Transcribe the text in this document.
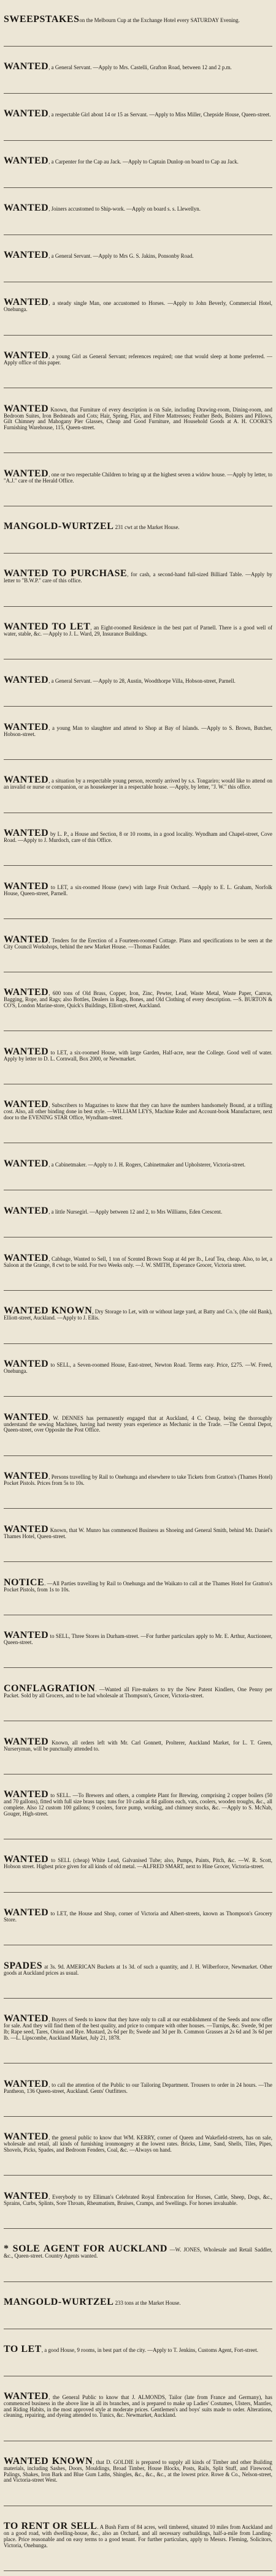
SWEEPSTAKESon the Melbourn Cup at the Exchange Hotel every SATURDAY Evening.
WANTED, a General Servant. —Apply to Mrs. Castelli, Grafton Road, between 12 and 2 p.m.
WANTED, a respectable Girl about 14 or 15 as Servant. —Apply to Miss Miller, Chepside House, Queen-street.
WANTED, a Carpenter for the Cap au Jack. —Apply to Captain Dunlop on board to Cap au Jack.
WANTED, Joiners accustomed to Ship-work. —Apply on board s. s. Llewellyn.
WANTED, a General Servant. —Apply to Mrs G. S. Jakins, Ponsonby Road.
WANTED, a steady single Man, one accustomed to Horses. —Apply to John Beverly, Commercial Hotel, Onehunga.
WANTED, a young Girl as General Servant; references required; one that would sleep at home preferred. —Apply office of this paper.
WANTED Known, that Furniture of every description is on Sale, including Drawing-room, Dining-room, and Bedroom Suites, Iron Bedsteads and Cots; Hair, Spring, Flax, and Fibre Mattresses; Feather Beds, Bolsters and Pillows, Gilt Chimney and Mahogany Pier Glasses, Cheap and Good Furniture, and Household Goods at A. H. COOKE'S Furnishing Warehouse, 115, Queen-street.
WANTED, one or two respectable Children to bring up at the highest seven a widow house. —Apply by letter, to "A.J." care of the Herald Office.
MANGOLD-WURTZEL 231 cwt at the Market House.
WANTED TO PURCHASE, for cash, a second-hand full-sized Billiard Table. —Apply by letter to "B.W.P." care of this office.
WANTED TO LET, an Eight-roomed Residence in the best part of Parnell. There is a good well of water, stable, &c. —Apply to J. L. Ward, 29, Insurance Buildings.
WANTED, a General Servant. —Apply to 28, Austin, Woodthorpe Villa, Hobson-street, Parnell.
WANTED, a young Man to slaughter and attend to Shop at Bay of Islands. —Apply to S. Brown, Butcher, Hobson-street.
WANTED, a situation by a respectable young person, recently arrived by s.s. Tongariro; would like to attend on an invalid or nurse or companion, or as housekeeper in a respectable house. —Apply, by letter, "J. W." this office.
WANTED by L. P., a House and Section, 8 or 10 rooms, in a good locality. Wyndham and Chapel-street, Cove Road. —Apply to J. Murdoch, care of this Office.
WANTED to LET, a six-roomed House (new) with large Fruit Orchard. —Apply to E. L. Graham, Norfolk House, Queen-street, Parnell.
WANTED, Tenders for the Erection of a Fourteen-roomed Cottage. Plans and specifications to be seen at the City Council Workshops, behind the new Market House. —Thomas Faulder.
WANTED, 600 tons of Old Brass, Copper, Iron, Zinc, Pewter, Lead, Waste Metal, Waste Paper, Canvas, Bagging, Rope, and Rags; also Bottles, Dealers in Rags, Bones, and Old Clothing of every description. —S. BURTON & CO'S, London Marine-store, Quick's Buildings, Elliott-street, Auckland.
WANTED to LET, a six-roomed House, with large Garden, Half-acre, near the College. Good well of water. Apply by letter to D. L. Cornwall, Box 2000, or Newmarket.
WANTED, Subscribers to Magazines to know that they can have the numbers handsomely Bound, at a trifling cost. Also, all other binding done in best style. —WILLIAM LEYS, Machine Ruler and Account-book Manufacturer, next door to the EVENING STAR Office, Wyndham-street.
WANTED, a Cabinetmaker. —Apply to J. H. Rogers, Cabinetmaker and Upholsterer, Victoria-street.
WANTED, a little Nursegirl. —Apply between 12 and 2, to Mrs Williams, Eden Crescent.
WANTED, Cabbage, Wanted to Sell, 1 ton of Scented Brown Soap at 4d per lb., Leaf Tea, cheap. Also, to let, a Saloon at the Grange, 8 cwt to be sold. For two Weeks only. —J. W. SMITH, Esperance Grocer, Victoria street.
WANTED KNOWN, Dry Storage to Let, with or without large yard, at Batty and Co.'s, (the old Bank), Elliott-street, Auckland. —Apply to J. Ellis.
WANTED to SELL, a Seven-roomed House, East-street, Newton Road. Terms easy. Price, £275. —W. Freed, Onehunga.
WANTED, W. DENNES has permanently engaged that at Auckland, 4 C. Cheap, being the thoroughly understand the sewing Machines, having had twenty years experience as Mechanic in the Trade. —The Central Depot, Queen-street, over Opposite the Post Office.
WANTED, Persons travelling by Rail to Onehunga and elsewhere to take Tickets from Gratton's (Thames Hotel) Pocket Pistols. Prices from 5s to 10s.
WANTED Known, that W. Munro has commenced Business as Shoeing and General Smith, behind Mr. Daniel's Thames Hotel, Queen-street.
NOTICE. —All Parties travelling by Rail to Onehunga and the Waikato to call at the Thames Hotel for Gratton's Pocket Pistols, from 1s to 10s.
WANTED to SELL, Three Stores in Durham-street. —For further particulars apply to Mr. E. Arthur, Auctioneer, Queen-street.
CONFLAGRATION. —Wanted all Fire-makers to try the New Patent Kindlers, One Penny per Packet. Sold by all Grocers, and to be had wholesale at Thompson's, Grocer, Victoria-street.
WANTED Known, all orders left with Mr. Carl Gonnett, Prolterer, Auckland Market, for L. T. Green, Nurseryman, will be punctually attended to.
WANTED to SELL. —To Brewers and others, a complete Plant for Brewing, comprising 2 copper boilers (50 and 70 gallons), fitted with full size brass taps; tuns for 10 casks at 84 gallons each, vats, coolers, wooden troughs, &c., all complete. Also 12 custom 100 gallons; 9 coolers, force pump, working, and chimney stocks, &c. —Apply to S. McNab, Gouger, High-street.
WANTED to SELL (cheap) White Lead, Galvanised Tube; also, Pumps, Paints, Pitch, &c. —W. R. Scott, Hobson street. Highest price given for all kinds of old metal. —ALFRED SMART, next to Hine Grocer, Victoria-street.
WANTED to LET, the House and Shop, corner of Victoria and Albert-streets, known as Thompson's Grocery Store.
SPADES at 3s. 9d. AMERICAN Buckets at 1s 3d. of such a quantity, and J. H. Wilberforce, Newmarket. Other goods at Auckland prices as usual.
WANTED, Buyers of Seeds to know that they have only to call at our establishment of the Seeds and now offer for sale. And they will find them of the best quality, and price to compare with other houses. —Turnips, &c. Swede, 9d per lb; Rape seed, Tares, Onion and Rye. Mustard, 2s 6d per lb; Swede and 3d per lb. Common Grasses at 2s 6d and 3s 6d per lb. —L. Lipscombe, Auckland Market, July 21, 1878.
WANTED, to call the attention of the Public to our Tailoring Department. Trousers to order in 24 hours. —The Pantheon, 136 Queen-street, Auckland. Gents' Outfitters.
WANTED, the general public to know that WM. KERRY, corner of Queen and Wakefield-streets, has on sale, wholesale and retail, all kinds of furnishing ironmongery at the lowest rates. Bricks, Lime, Sand, Shells, Tiles, Pipes, Shovels, Picks, Spades, and Bedroom Fenders, Coal, &c. —Always on hand.
WANTED, Everybody to try Elliman's Celebrated Royal Embrocation for Horses, Cattle, Sheep, Dogs, &c., Sprains, Curbs, Splints, Sore Throats, Rheumatism, Bruises, Cramps, and Swellings. For horses invaluable.
* SOLE AGENT FOR AUCKLAND —W. JONES, Wholesale and Retail Saddler, &c., Queen-street. Country Agents wanted.
MANGOLD-WURTZEL 233 tons at the Market House.
TO LET, a good House, 9 rooms, in best part of the city. —Apply to T. Jenkins, Customs Agent, Fort-street.
WANTED, the General Public to know that J. ALMONDS, Tailor (late from France and Germany), has commenced business in the above line in all its branches, and is prepared to make up Ladies' Costumes, Ulsters, Mantles, and Riding Habits, in the most approved style at moderate prices. Gentlemen's and boys' suits made to order. Alterations, cleaning, repairing, and dyeing attended to. Tunics, &c. Newmarket, Auckland.
WANTED KNOWN, that D. GOLDIE is prepared to supply all kinds of Timber and other Building materials, including Sashes, Doors, Mouldings, Broad Timber, House Blocks, Posts, Rails, Split Stuff, and Firewood, Palings, Shakes, Iron Bark and Blue Gum Laths, Shingles, &c., &c., &c., at the lowest price. Rowe & Co., Nelson-street, and Victoria-street West.
TO RENT OR SELL. A Bush Farm of 84 acres, well timbered, situated 10 miles from Auckland and on a good road, with dwelling-house, &c., also an Orchard, and all necessary outbuildings, half-a-mile from Landing-place. Price reasonable and on easy terms to a good tenant. For further particulars, apply to Messrs. Fleming, Solicitors, Victoria, Onehunga.
